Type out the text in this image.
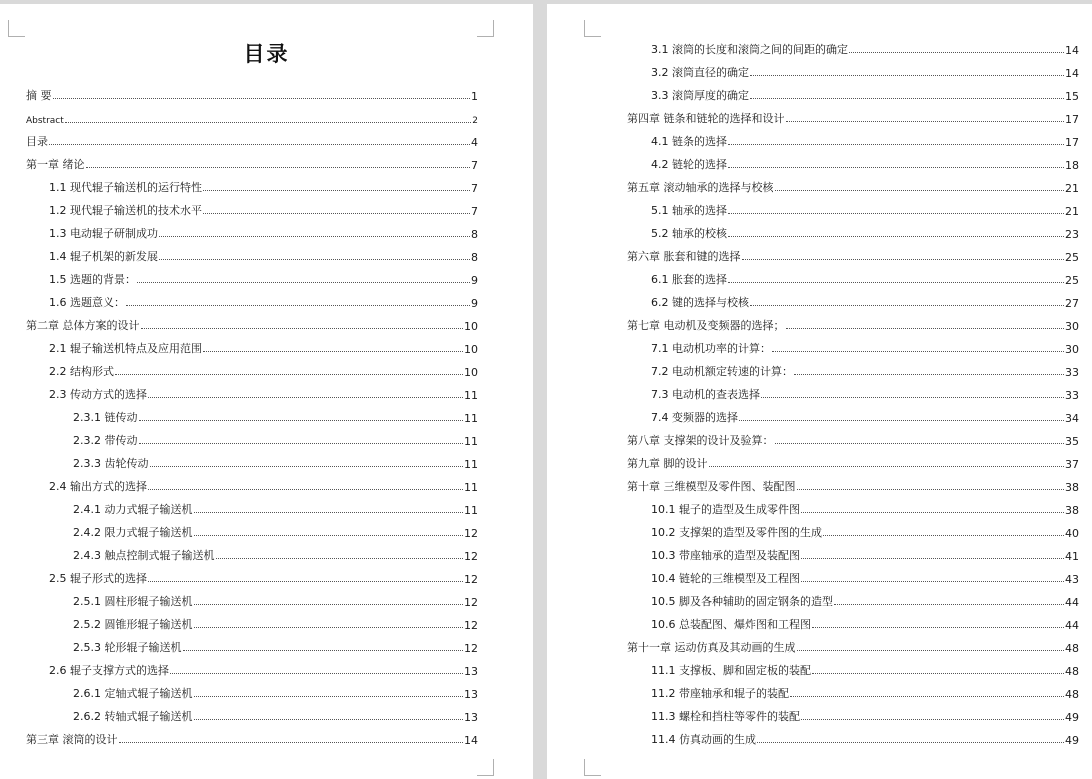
目录
摘 要	1
Abstract	2
目录	4
第一章 绪论	7
1.1 现代辊子输送机的运行特性	7
1.2 现代辊子输送机的技术水平	7
1.3 电动辊子研制成功	8
1.4 辊子机架的新发展	8
1.5 选题的背景：	9
1.6 选题意义：	9
第二章 总体方案的设计	10
2.1 辊子输送机特点及应用范围	10
2.2 结构形式	10
2.3 传动方式的选择	11
2.3.1 链传动	11
2.3.2 带传动	11
2.3.3 齿轮传动	11
2.4 输出方式的选择	11
2.4.1 动力式辊子输送机	11
2.4.2 限力式辊子输送机	12
2.4.3 触点控制式辊子输送机	12
2.5 辊子形式的选择	12
2.5.1 圆柱形辊子输送机	12
2.5.2 圆锥形辊子输送机	12
2.5.3 轮形辊子输送机	12
2.6 辊子支撑方式的选择	13
2.6.1 定轴式辊子输送机	13
2.6.2 转轴式辊子输送机	13
第三章 滚筒的设计	14
3.1 滚筒的长度和滚筒之间的间距的确定	14
3.2 滚筒直径的确定	14
3.3 滚筒厚度的确定	15
第四章 链条和链轮的选择和设计	17
4.1 链条的选择	17
4.2 链轮的选择	18
第五章 滚动轴承的选择与校核	21
5.1 轴承的选择	21
5.2 轴承的校核	23
第六章 胀套和键的选择	25
6.1 胀套的选择	25
6.2 键的选择与校核	27
第七章 电动机及变频器的选择；	30
7.1 电动机功率的计算：	30
7.2 电动机额定转速的计算：	33
7.3 电动机的查表选择	33
7.4 变频器的选择	34
第八章 支撑架的设计及验算：	35
第九章 脚的设计	37
第十章 三维模型及零件图、装配图	38
10.1 辊子的造型及生成零件图	38
10.2 支撑架的造型及零件图的生成	40
10.3 带座轴承的造型及装配图	41
10.4 链轮的三维模型及工程图	43
10.5 脚及各种辅助的固定钢条的造型	44
10.6 总装配图、爆炸图和工程图	44
第十一章 运动仿真及其动画的生成	48
11.1 支撑板、脚和固定板的装配	48
11.2 带座轴承和辊子的装配	48
11.3 螺栓和挡柱等零件的装配	49
11.4 仿真动画的生成	49
